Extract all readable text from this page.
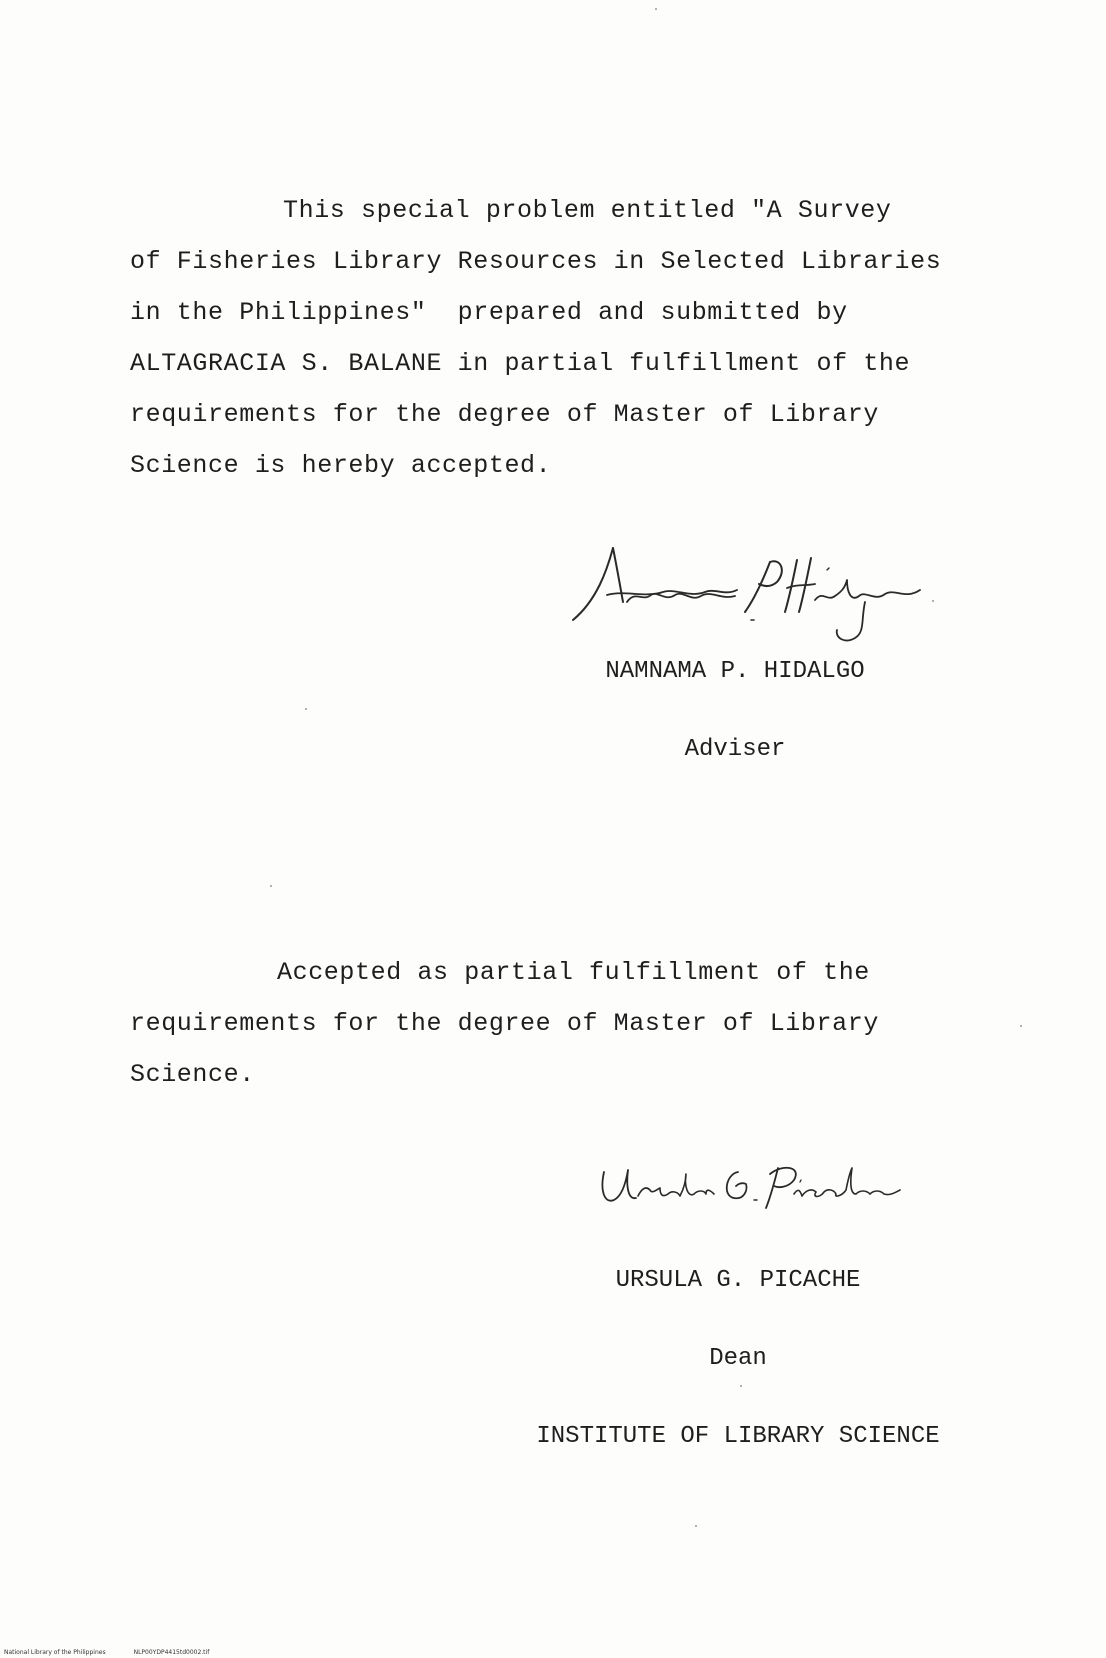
This special problem entitled "A Survey
of Fisheries Library Resources in Selected Libraries
in the Philippines"  prepared and submitted by
ALTAGRACIA S. BALANE in partial fulfillment of the
requirements for the degree of Master of Library
Science is hereby accepted.

NAMNAMA P. HIDALGO

Adviser

Accepted as partial fulfillment of the
requirements for the degree of Master of Library
Science.

URSULA G. PICACHE

Dean

INSTITUTE OF LIBRARY SCIENCE

National Library of the Philippines	NLP00YDP4415td0002.tif
